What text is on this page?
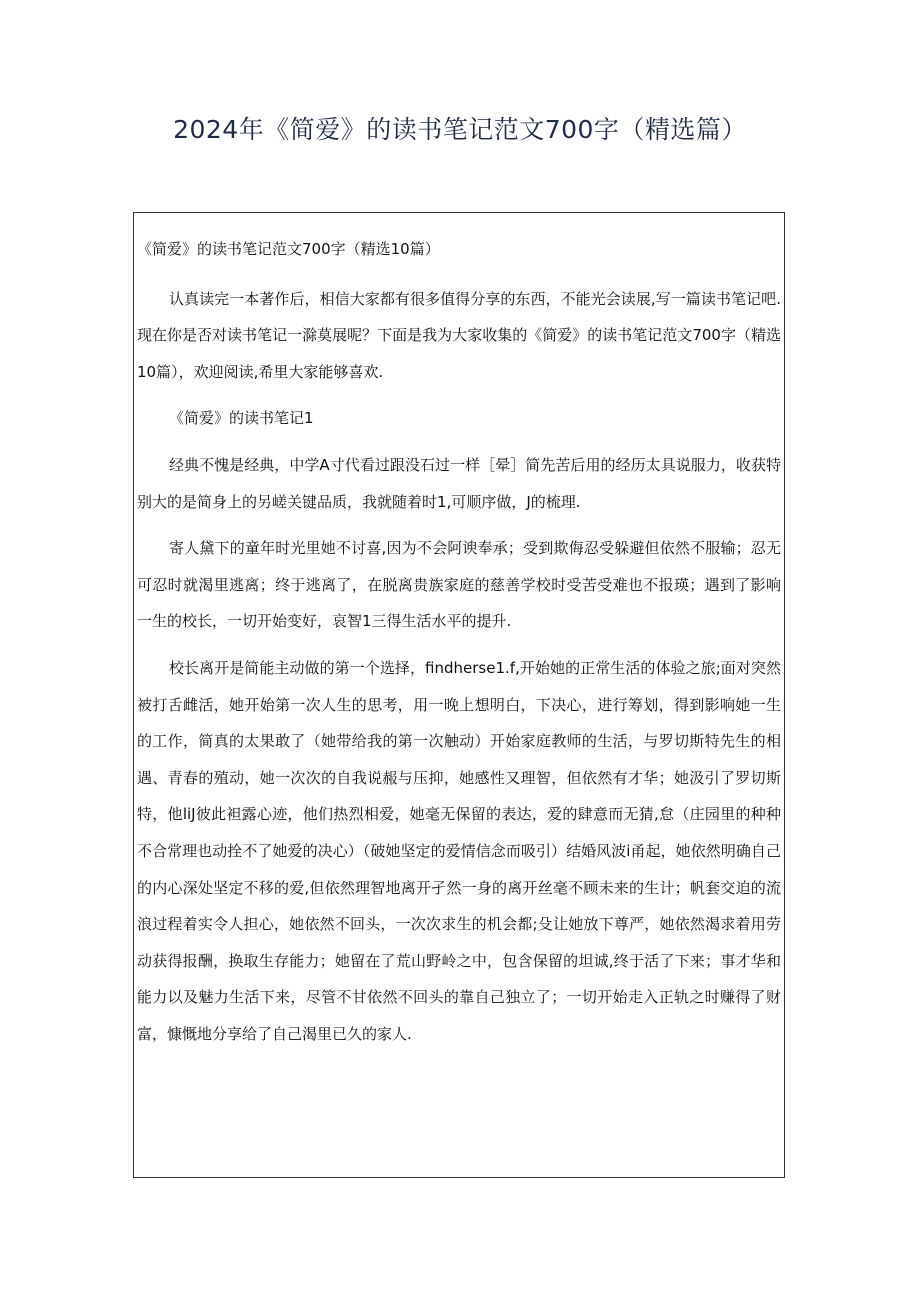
2024年《简爱》的读书笔记范文700字（精选篇）

《简爱》的读书笔记范文700字（精选10篇）

认真读完一本著作后，相信大家都有很多值得分享的东西，不能光会读展,写一篇读书笔记吧.现在你是否对读书笔记一滁莫展呢？下面是我为大家收集的《简爱》的读书笔记范文700字（精选10篇），欢迎阅读,希里大家能够喜欢.

《简爱》的读书笔记1

经典不愧是经典，中学A寸代看过跟没石过一样［晕］简先苦后用的经历太具说服力，收获特别大的是简身上的另嵯关键品质，我就随着时1,可顺序做，J的梳理.

寄人黛下的童年时光里她不讨喜,因为不会阿谀奉承；受到欺侮忍受躲避但依然不服输；忍无可忍时就渴里逃离；终于逃离了，在脱离贵族家庭的慈善学校时受苦受难也不报瑛；遇到了影响一生的校长，一切开始变好，哀智1三得生活水平的提升.

校长离开是简能主动做的第一个选择，findherse1.f,开始她的正常生活的体验之旅;面对突然被打舌雌活，她开始第一次人生的思考，用一晚上想明白，下决心，进行筹划，得到影响她一生的工作，简真的太果敢了（她带给我的第一次触动）开始家庭教师的生活，与罗切斯特先生的相遇、青春的殖动，她一次次的自我说赧与压抑，她感性又理智，但依然有才华；她汲引了罗切斯特，他liJ彼此袒露心迹，他们热烈相爱，她毫无保留的表达，爱的肆意而无猜,怠（庄园里的种种不合常理也动拴不了她爱的决心）（破她坚定的爱情信念而吸引）结婚风波i甬起，她依然明确自己的内心深处坚定不移的爱,但依然理智地离开孑然一身的离开丝毫不顾未来的生计；帆套交迫的流浪过程着实令人担心，她依然不回头，一次次求生的机会都;殳让她放下尊严，她依然渴求着用劳动获得报酬，换取生存能力；她留在了荒山野岭之中，包含保留的坦诚,终于活了下来；事才华和能力以及魅力生活下来，尽管不甘依然不回头的靠自己独立了；一切开始走入正轨之时赚得了财富，慷慨地分享给了自己渴里已久的家人.
